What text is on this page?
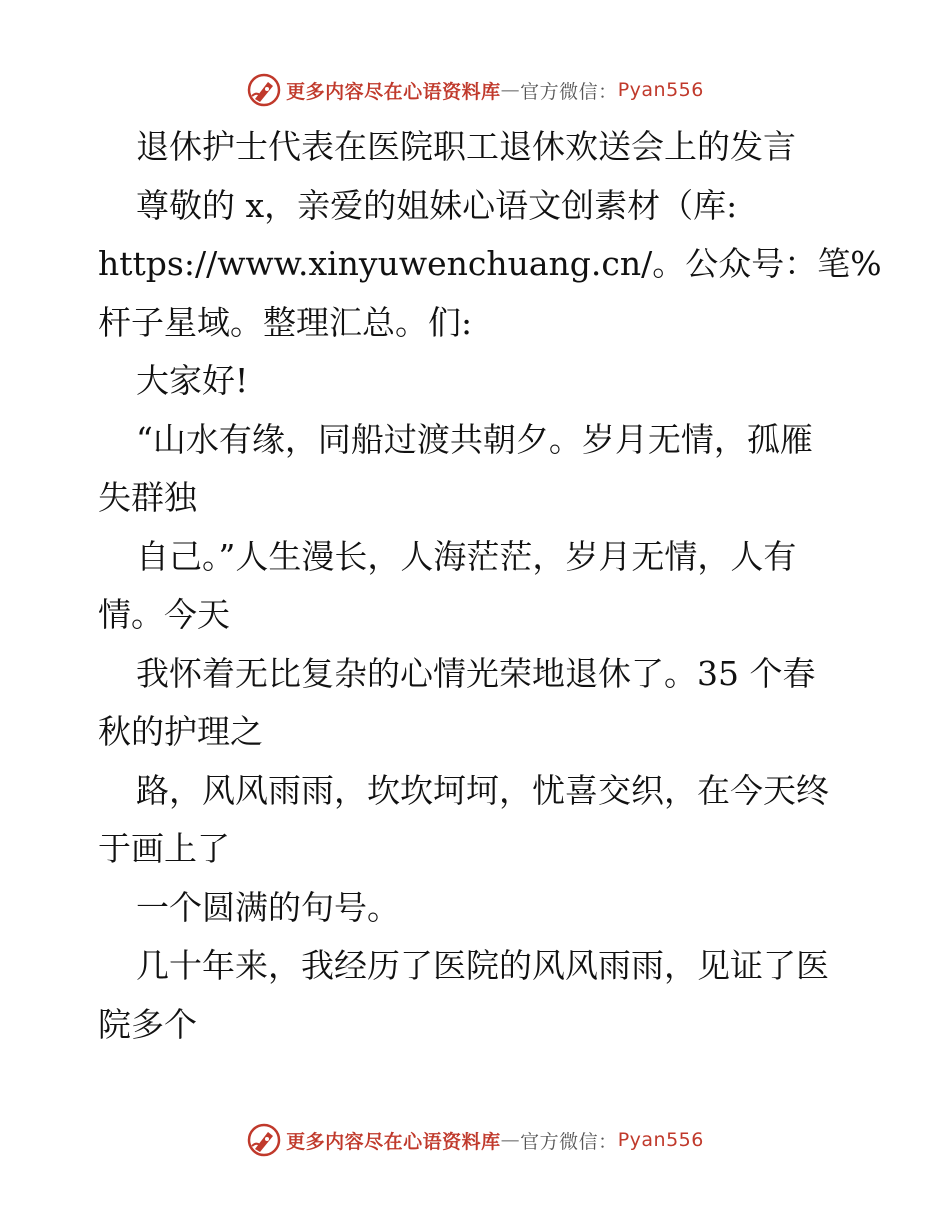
更多内容尽在心语资料库 — 官方微信： Pyan556

退休护士代表在医院职工退休欢送会上的发言

尊敬的 x，亲爱的姐妹心语文创素材（库:

https://www.xinyuwenchuang.cn/。公众号：笔%

杆子星域。整理汇总。们:

大家好!

“山水有缘，同船过渡共朝夕。岁月无情，孤雁

失群独

自己。”人生漫长，人海茫茫，岁月无情，人有

情。今天

我怀着无比复杂的心情光荣地退休了。35 个春

秋的护理之

路，风风雨雨，坎坎坷坷，忧喜交织，在今天终

于画上了

一个圆满的句号。

几十年来，我经历了医院的风风雨雨，见证了医

院多个

更多内容尽在心语资料库 — 官方微信： Pyan556
